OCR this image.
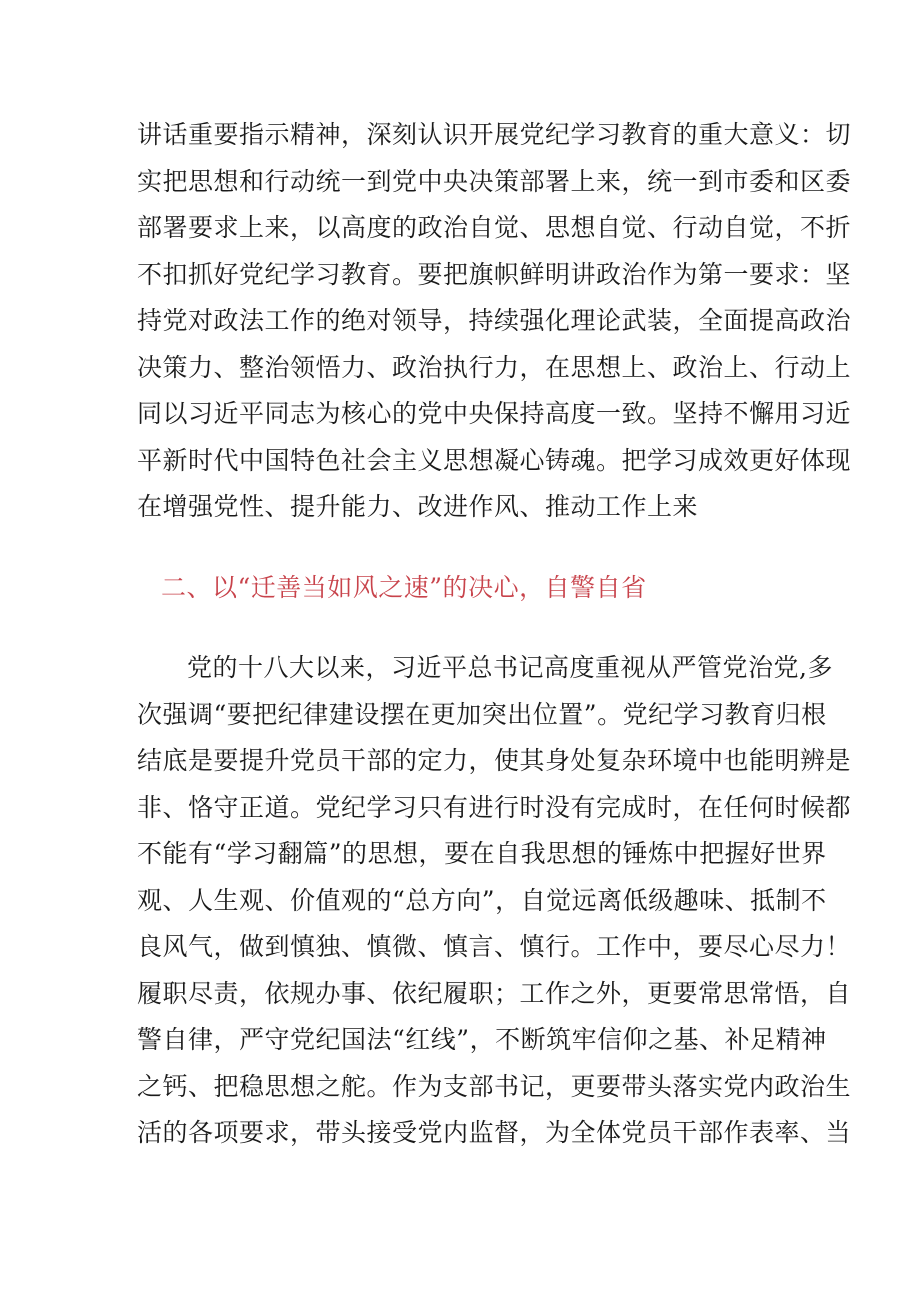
讲话重要指示精神，深刻认识开展党纪学习教育的重大意义：切
实把思想和行动统一到党中央决策部署上来，统一到市委和区委
部署要求上来，以高度的政治自觉、思想自觉、行动自觉，不折
不扣抓好党纪学习教育。要把旗帜鲜明讲政治作为第一要求：坚
持党对政法工作的绝对领导，持续强化理论武装，全面提高政治
决策力、整治领悟力、政治执行力，在思想上、政治上、行动上
同以习近平同志为核心的党中央保持高度一致。坚持不懈用习近
平新时代中国特色社会主义思想凝心铸魂。把学习成效更好体现
在增强党性、提升能力、改进作风、推动工作上来
二、以“迁善当如风之速”的决心，自警自省
党的十八大以来，习近平总书记高度重视从严管党治党,多
次强调“要把纪律建设摆在更加突出位置”。党纪学习教育归根
结底是要提升党员干部的定力，使其身处复杂环境中也能明辨是
非、恪守正道。党纪学习只有进行时没有完成时，在任何时候都
不能有“学习翻篇”的思想，要在自我思想的锤炼中把握好世界
观、人生观、价值观的“总方向”，自觉远离低级趣味、抵制不
良风气，做到慎独、慎微、慎言、慎行。工作中，要尽心尽力！
履职尽责，依规办事、依纪履职；工作之外，更要常思常悟，自
警自律，严守党纪国法“红线”，不断筑牢信仰之基、补足精神
之钙、把稳思想之舵。作为支部书记，更要带头落实党内政治生
活的各项要求，带头接受党内监督，为全体党员干部作表率、当
